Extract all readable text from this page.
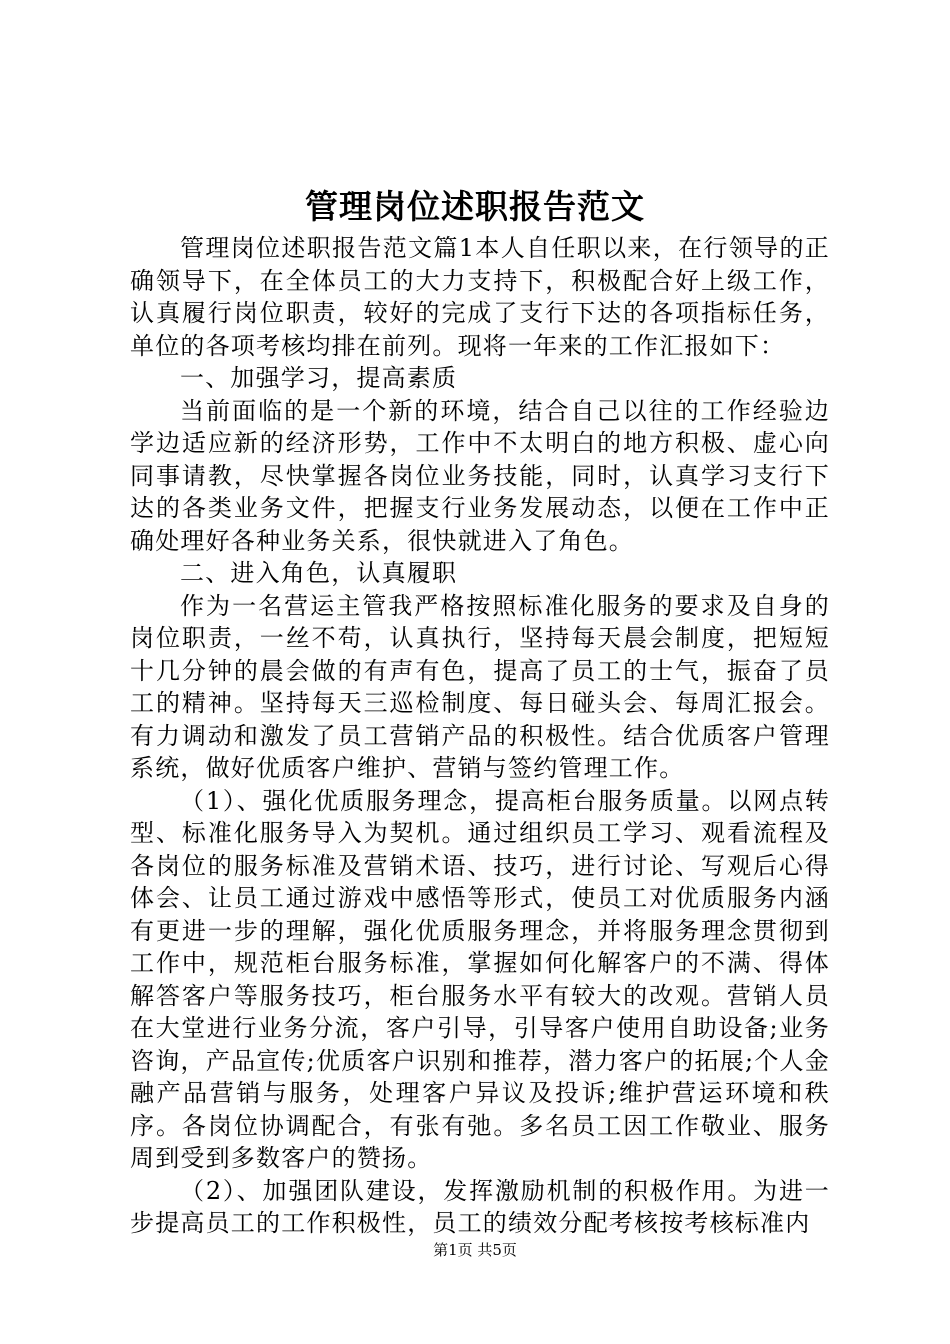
管理岗位述职报告范文

管理岗位述职报告范文篇1本人自任职以来，在行领导的正确领导下，在全体员工的大力支持下，积极配合好上级工作，认真履行岗位职责，较好的完成了支行下达的各项指标任务，单位的各项考核均排在前列。现将一年来的工作汇报如下：

一、加强学习，提高素质

当前面临的是一个新的环境，结合自己以往的工作经验边学边适应新的经济形势，工作中不太明白的地方积极、虚心向同事请教，尽快掌握各岗位业务技能，同时，认真学习支行下达的各类业务文件，把握支行业务发展动态，以便在工作中正确处理好各种业务关系，很快就进入了角色。

二、进入角色，认真履职

作为一名营运主管我严格按照标准化服务的要求及自身的岗位职责，一丝不苟，认真执行，坚持每天晨会制度，把短短十几分钟的晨会做的有声有色，提高了员工的士气，振奋了员工的精神。坚持每天三巡检制度、每日碰头会、每周汇报会。有力调动和激发了员工营销产品的积极性。结合优质客户管理系统，做好优质客户维护、营销与签约管理工作。

（1）、强化优质服务理念，提高柜台服务质量。以网点转型、标准化服务导入为契机。通过组织员工学习、观看流程及各岗位的服务标准及营销术语、技巧，进行讨论、写观后心得体会、让员工通过游戏中感悟等形式，使员工对优质服务内涵有更进一步的理解，强化优质服务理念，并将服务理念贯彻到工作中，规范柜台服务标准，掌握如何化解客户的不满、得体解答客户等服务技巧，柜台服务水平有较大的改观。营销人员在大堂进行业务分流，客户引导，引导客户使用自助设备;业务咨询，产品宣传;优质客户识别和推荐，潜力客户的拓展;个人金融产品营销与服务，处理客户异议及投诉;维护营运环境和秩序。各岗位协调配合，有张有弛。多名员工因工作敬业、服务周到受到多数客户的赞扬。

（2）、加强团队建设，发挥激励机制的积极作用。为进一步提高员工的工作积极性，员工的绩效分配考核按考核标准内

第1页 共5页
